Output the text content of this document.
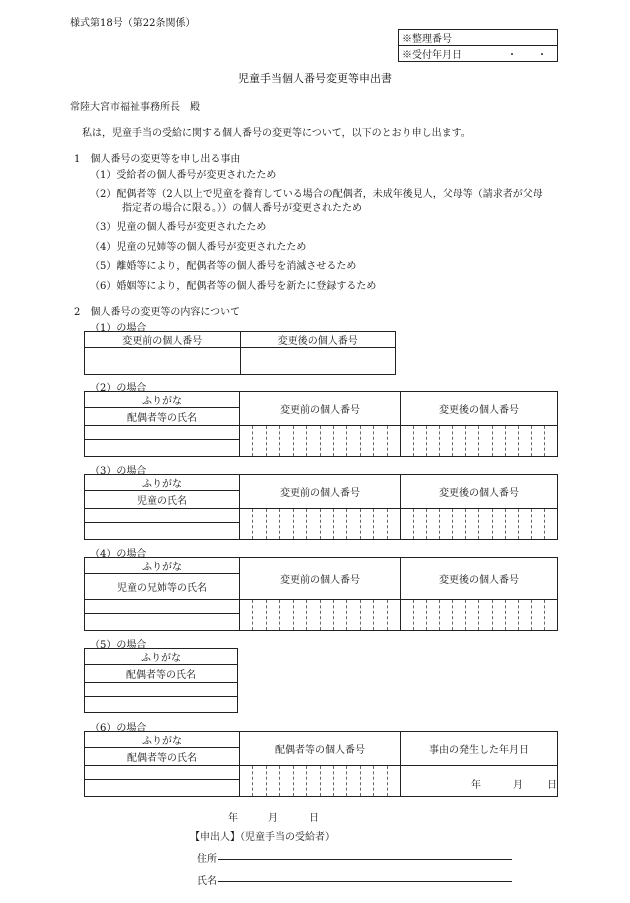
様式第18号（第22条関係）
※整理番号
※受付年月日	・　　・
児童手当個人番号変更等申出書
常陸大宮市福祉事務所長　殿
私は，児童手当の受給に関する個人番号の変更等について，以下のとおり申し出ます。
1　個人番号の変更等を申し出る事由
（1）受給者の個人番号が変更されたため
（2）配偶者等（2人以上で児童を養育している場合の配偶者，未成年後見人，父母等（請求者が父母
指定者の場合に限る。））の個人番号が変更されたため
（3）児童の個人番号が変更されたため
（4）児童の兄姉等の個人番号が変更されたため
（5）離婚等により，配偶者等の個人番号を消滅させるため
（6）婚姻等により，配偶者等の個人番号を新たに登録するため
2　個人番号の変更等の内容について
（1）の場合
変更前の個人番号	変更後の個人番号

（2）の場合
ふりがな	変更前の個人番号	変更後の個人番号
配偶者等の氏名		

（3）の場合
ふりがな	変更前の個人番号	変更後の個人番号
児童の氏名		

（4）の場合
ふりがな	変更前の個人番号	変更後の個人番号
児童の兄姉等の氏名		

（5）の場合
ふりがな
配偶者等の氏名

（6）の場合
ふりがな	配偶者等の個人番号	事由の発生した年月日
配偶者等の氏名		

		年 月 日

年	月	日
【申出人】（児童手当の受給者）
住所
氏名
